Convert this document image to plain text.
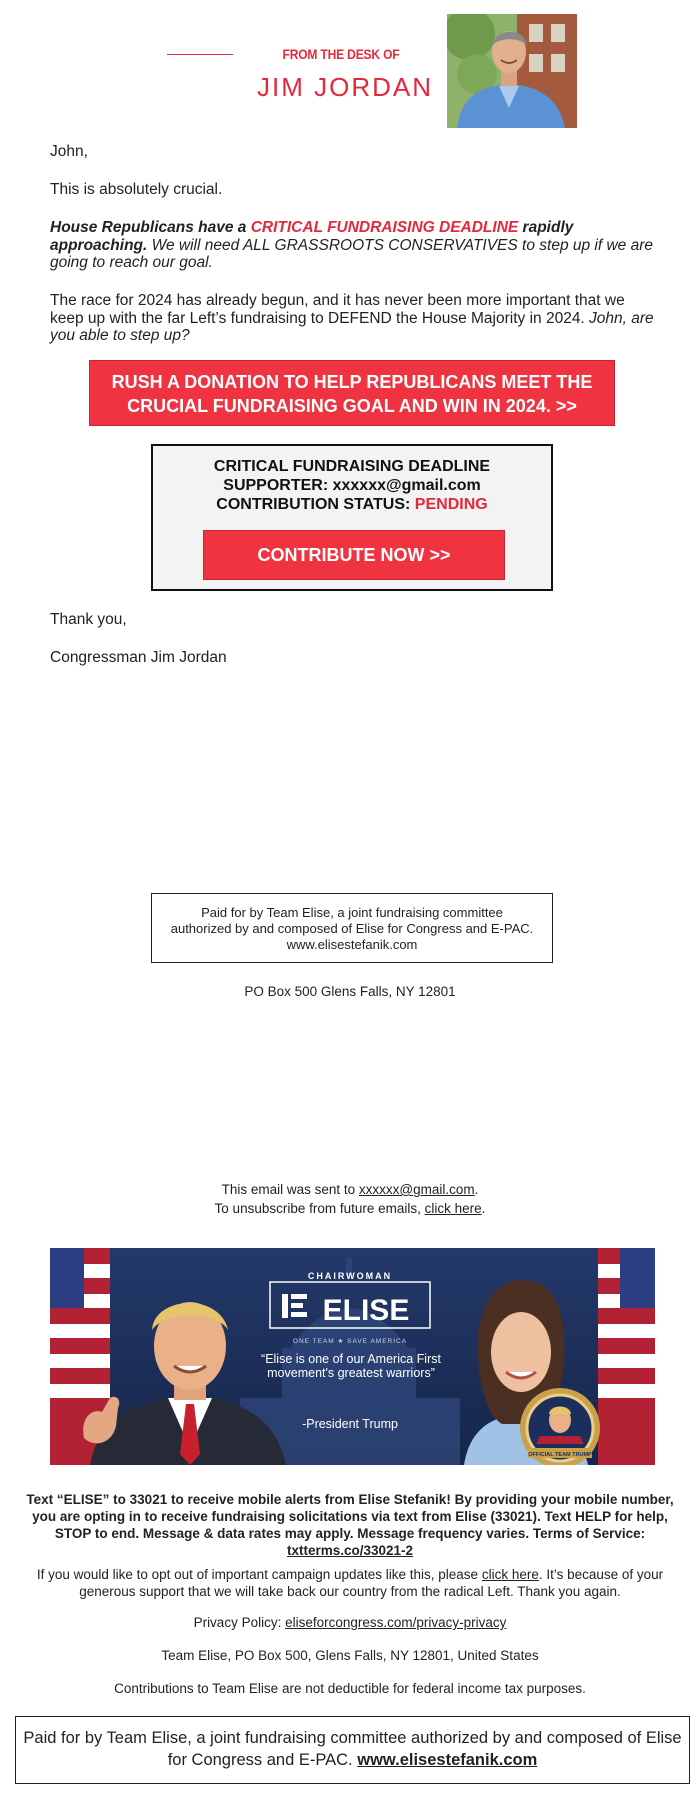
FROM THE DESK OF
JIM JORDAN
John,
This is absolutely crucial.
House Republicans have a CRITICAL FUNDRAISING DEADLINE rapidly approaching. We will need ALL GRASSROOTS CONSERVATIVES to step up if we are going to reach our goal.
The race for 2024 has already begun, and it has never been more important that we keep up with the far Left’s fundraising to DEFEND the House Majority in 2024. John, are you able to step up?
RUSH A DONATION TO HELP REPUBLICANS MEET THE CRUCIAL FUNDRAISING GOAL AND WIN IN 2024. >>
CRITICAL FUNDRAISING DEADLINE
SUPPORTER: xxxxxx@gmail.com
CONTRIBUTION STATUS: PENDING
CONTRIBUTE NOW >>
Thank you,
Congressman Jim Jordan
Paid for by Team Elise, a joint fundraising committee authorized by and composed of Elise for Congress and E-PAC. www.elisestefanik.com
PO Box 500 Glens Falls, NY 12801
This email was sent to xxxxxx@gmail.com.
To unsubscribe from future emails, click here.
CHAIRWOMAN
ELISE
ONE TEAM ★ SAVE AMERICA
“Elise is one of our America First movement's greatest warriors”
-President Trump
OFFICIAL TEAM TRUMP
Text “ELISE” to 33021 to receive mobile alerts from Elise Stefanik! By providing your mobile number, you are opting in to receive fundraising solicitations via text from Elise (33021). Text HELP for help, STOP to end. Message & data rates may apply. Message frequency varies. Terms of Service: txtterms.co/33021-2
If you would like to opt out of important campaign updates like this, please click here. It’s because of your generous support that we will take back our country from the radical Left. Thank you again.
Privacy Policy: eliseforcongress.com/privacy-privacy
Team Elise, PO Box 500, Glens Falls, NY 12801, United States
Contributions to Team Elise are not deductible for federal income tax purposes.
Paid for by Team Elise, a joint fundraising committee authorized by and composed of Elise for Congress and E-PAC. www.elisestefanik.com
